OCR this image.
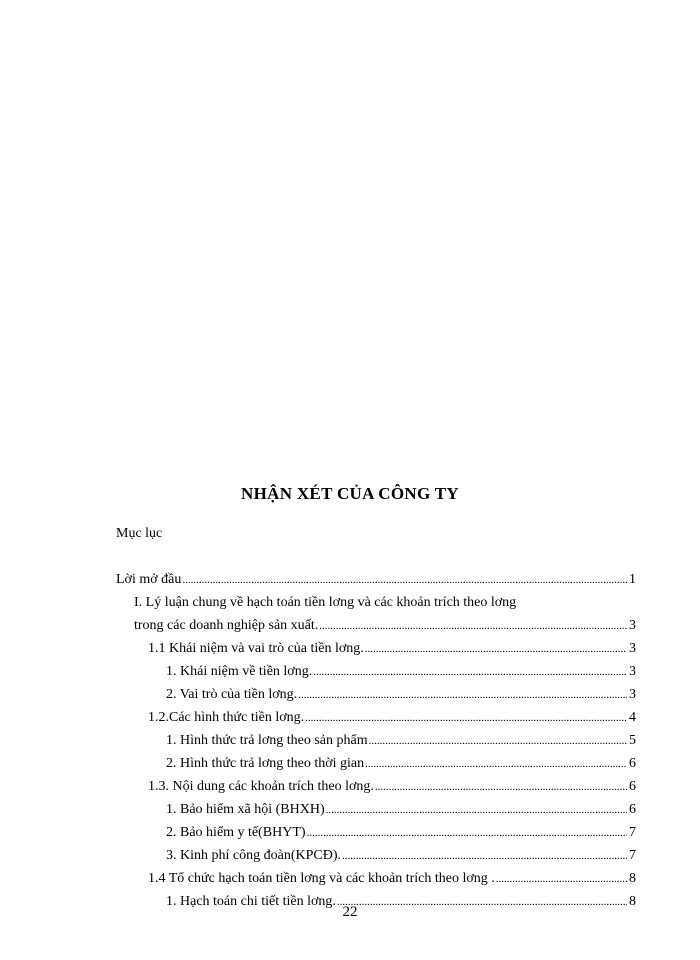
NHẬN XÉT CỦA CÔNG TY
Mục lục
Lời mở đầu .....	1
I. Lý luận chung về hạch toán tiền lơng và các khoản trích theo lơng
trong các doanh nghiệp sản xuất. .....	3
1.1 Khái niệm và vai trò của tiền lơng. .....	3
1. Khái niệm về tiền lơng. .....	3
2. Vai trò của tiền lơng. .....	3
1.2.Các hình thức tiền lơng. .....	4
1. Hình thức trả lơng theo sản phẩm .....	5
2. Hình thức trả lơng theo thời gian .....	6
1.3. Nội dung các khoản trích theo lơng. .....	6
1. Bảo hiểm xã hội (BHXH) .....	6
2. Bảo hiểm y tế(BHYT) .....	7
3. Kinh phí công đoàn(KPCĐ). .....	7
1.4 Tổ chức hạch toán tiền lơng và các khoản trích theo lơng . .....	8
1. Hạch toán chi tiết tiền lơng. .....	8
22
